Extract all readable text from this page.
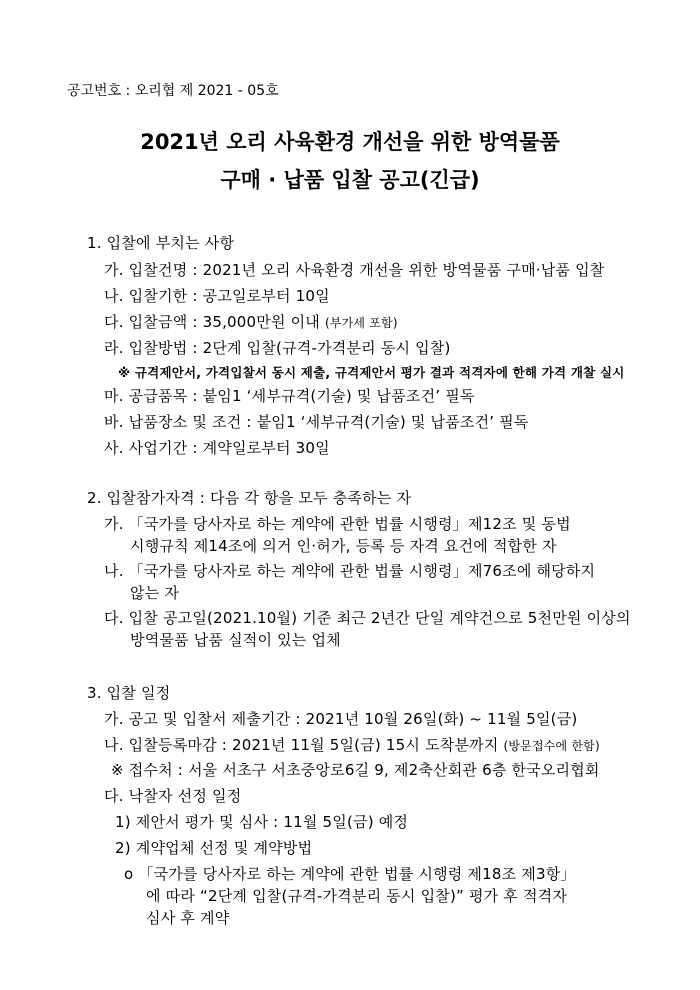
공고번호 : 오리협 제 2021 - 05호
2021년 오리 사육환경 개선을 위한 방역물품
구매 · 납품 입찰 공고(긴급)
1. 입찰에 부치는 사항
가. 입찰건명 : 2021년 오리 사육환경 개선을 위한 방역물품 구매·납품 입찰
나. 입찰기한 : 공고일로부터 10일
다. 입찰금액 : 35,000만원 이내 (부가세 포함)
라. 입찰방법 : 2단계 입찰(규격-가격분리 동시 입찰)
※ 규격제안서, 가격입찰서 동시 제출, 규격제안서 평가 결과 적격자에 한해 가격 개찰 실시
마. 공급품목 : 붙임1 ‘세부규격(기술) 및 납품조건’ 필독
바. 납품장소 및 조건 : 붙임1 ‘세부규격(기술) 및 납품조건’ 필독
사. 사업기간 : 계약일로부터 30일
2. 입찰참가자격 : 다음 각 항을 모두 충족하는 자
가. 「국가를 당사자로 하는 계약에 관한 법률 시행령」제12조 및 동법
시행규칙 제14조에 의거 인·허가, 등록 등 자격 요건에 적합한 자
나. 「국가를 당사자로 하는 계약에 관한 법률 시행령」제76조에 해당하지
않는 자
다. 입찰 공고일(2021.10월) 기준 최근 2년간 단일 계약건으로 5천만원 이상의
방역물품 납품 실적이 있는 업체
3. 입찰 일정
가. 공고 및 입찰서 제출기간 : 2021년 10월 26일(화) ~ 11월 5일(금)
나. 입찰등록마감 : 2021년 11월 5일(금) 15시 도착분까지 (방문접수에 한함)
※ 접수처 : 서울 서초구 서초중앙로6길 9, 제2축산회관 6층 한국오리협회
다. 낙찰자 선정 일정
1) 제안서 평가 및 심사 : 11월 5일(금) 예정
2) 계약업체 선정 및 계약방법
o 「국가를 당사자로 하는 계약에 관한 법률 시행령 제18조 제3항」
에 따라 “2단계 입찰(규격-가격분리 동시 입찰)” 평가 후 적격자
심사 후 계약
